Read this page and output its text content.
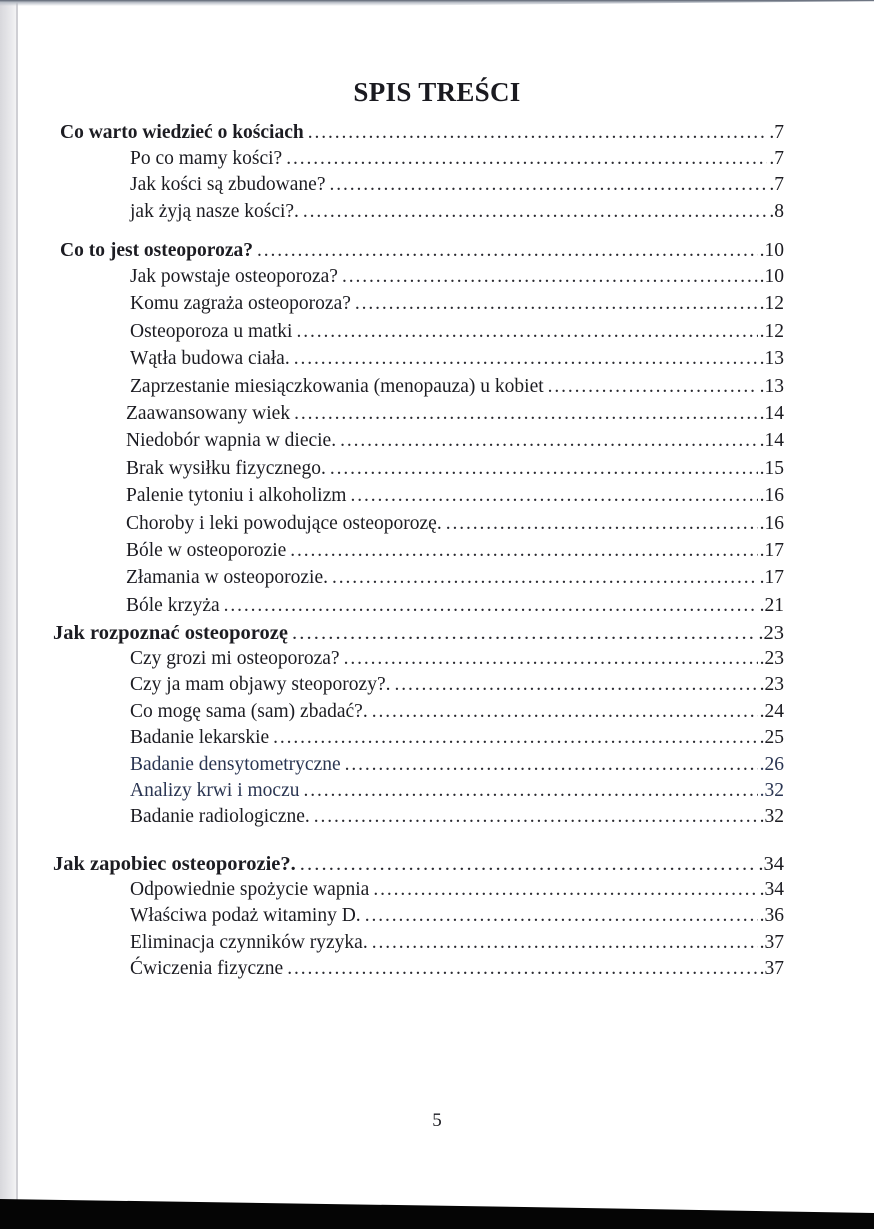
SPIS TREŚCI
Co warto wiedzieć o kościach . . .	.7
Po co mamy kości? . . .	.7
Jak kości są zbudowane? . . .	.7
jak żyją nasze kości?. . . .	.8
Co to jest osteoporoza? . . .	.10
Jak powstaje osteoporoza? . . .	.10
Komu zagraża osteoporoza? . . .	.12
Osteoporoza u matki . . .	.12
Wątła budowa ciała. . . .	.13
Zaprzestanie miesiączkowania (menopauza) u kobiet . . .	.13
Zaawansowany wiek . . .	.14
Niedobór wapnia w diecie. . . .	.14
Brak wysiłku fizycznego. . . .	.15
Palenie tytoniu i alkoholizm . . .	.16
Choroby i leki powodujące osteoporozę. . . .	.16
Bóle w osteoporozie . . .	.17
Złamania w osteoporozie. . . .	.17
Bóle krzyża . . .	.21
Jak rozpoznać osteoporozę . . .	.23
Czy grozi mi osteoporoza? . . .	.23
Czy ja mam objawy steoporozy?. . . .	.23
Co mogę sama (sam) zbadać?. . . .	.24
Badanie lekarskie . . .	.25
Badanie densytometryczne . . .	.26
Analizy krwi i moczu . . .	.32
Badanie radiologiczne. . . .	.32
Jak zapobiec osteoporozie?. . . .	.34
Odpowiednie spożycie wapnia . . .	.34
Właściwa podaż witaminy D. . . .	.36
Eliminacja czynników ryzyka. . . .	.37
Ćwiczenia fizyczne . . .	.37
5
